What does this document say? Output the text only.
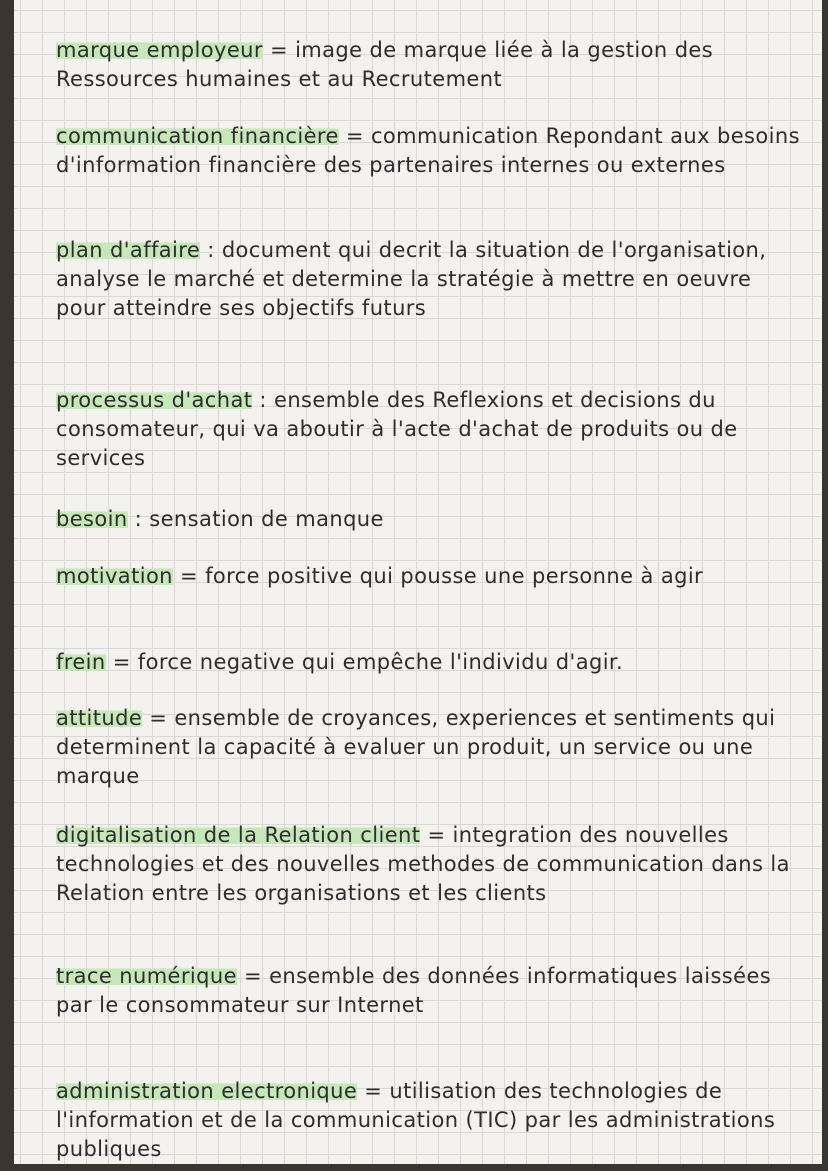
marque employeur = image de marque liée à la gestion des Ressources humaines et au Recrutement
communication financière = communication Repondant aux besoins d'information financière des partenaires internes ou externes
plan d'affaire : document qui decrit la situation de l'organisation, analyse le marché et determine la stratégie à mettre en oeuvre pour atteindre ses objectifs futurs
processus d'achat : ensemble des Reflexions et decisions du consomateur, qui va aboutir à l'acte d'achat de produits ou de services
besoin : sensation de manque
motivation = force positive qui pousse une personne à agir
frein = force negative qui empêche l'individu d'agir.
attitude = ensemble de croyances, experiences et sentiments qui determinent la capacité à evaluer un produit, un service ou une marque
digitalisation de la Relation client = integration des nouvelles technologies et des nouvelles methodes de communication dans la Relation entre les organisations et les clients
trace numérique = ensemble des données informatiques laissées par le consommateur sur Internet
administration electronique = utilisation des technologies de l'information et de la communication (TIC) par les administrations publiques
